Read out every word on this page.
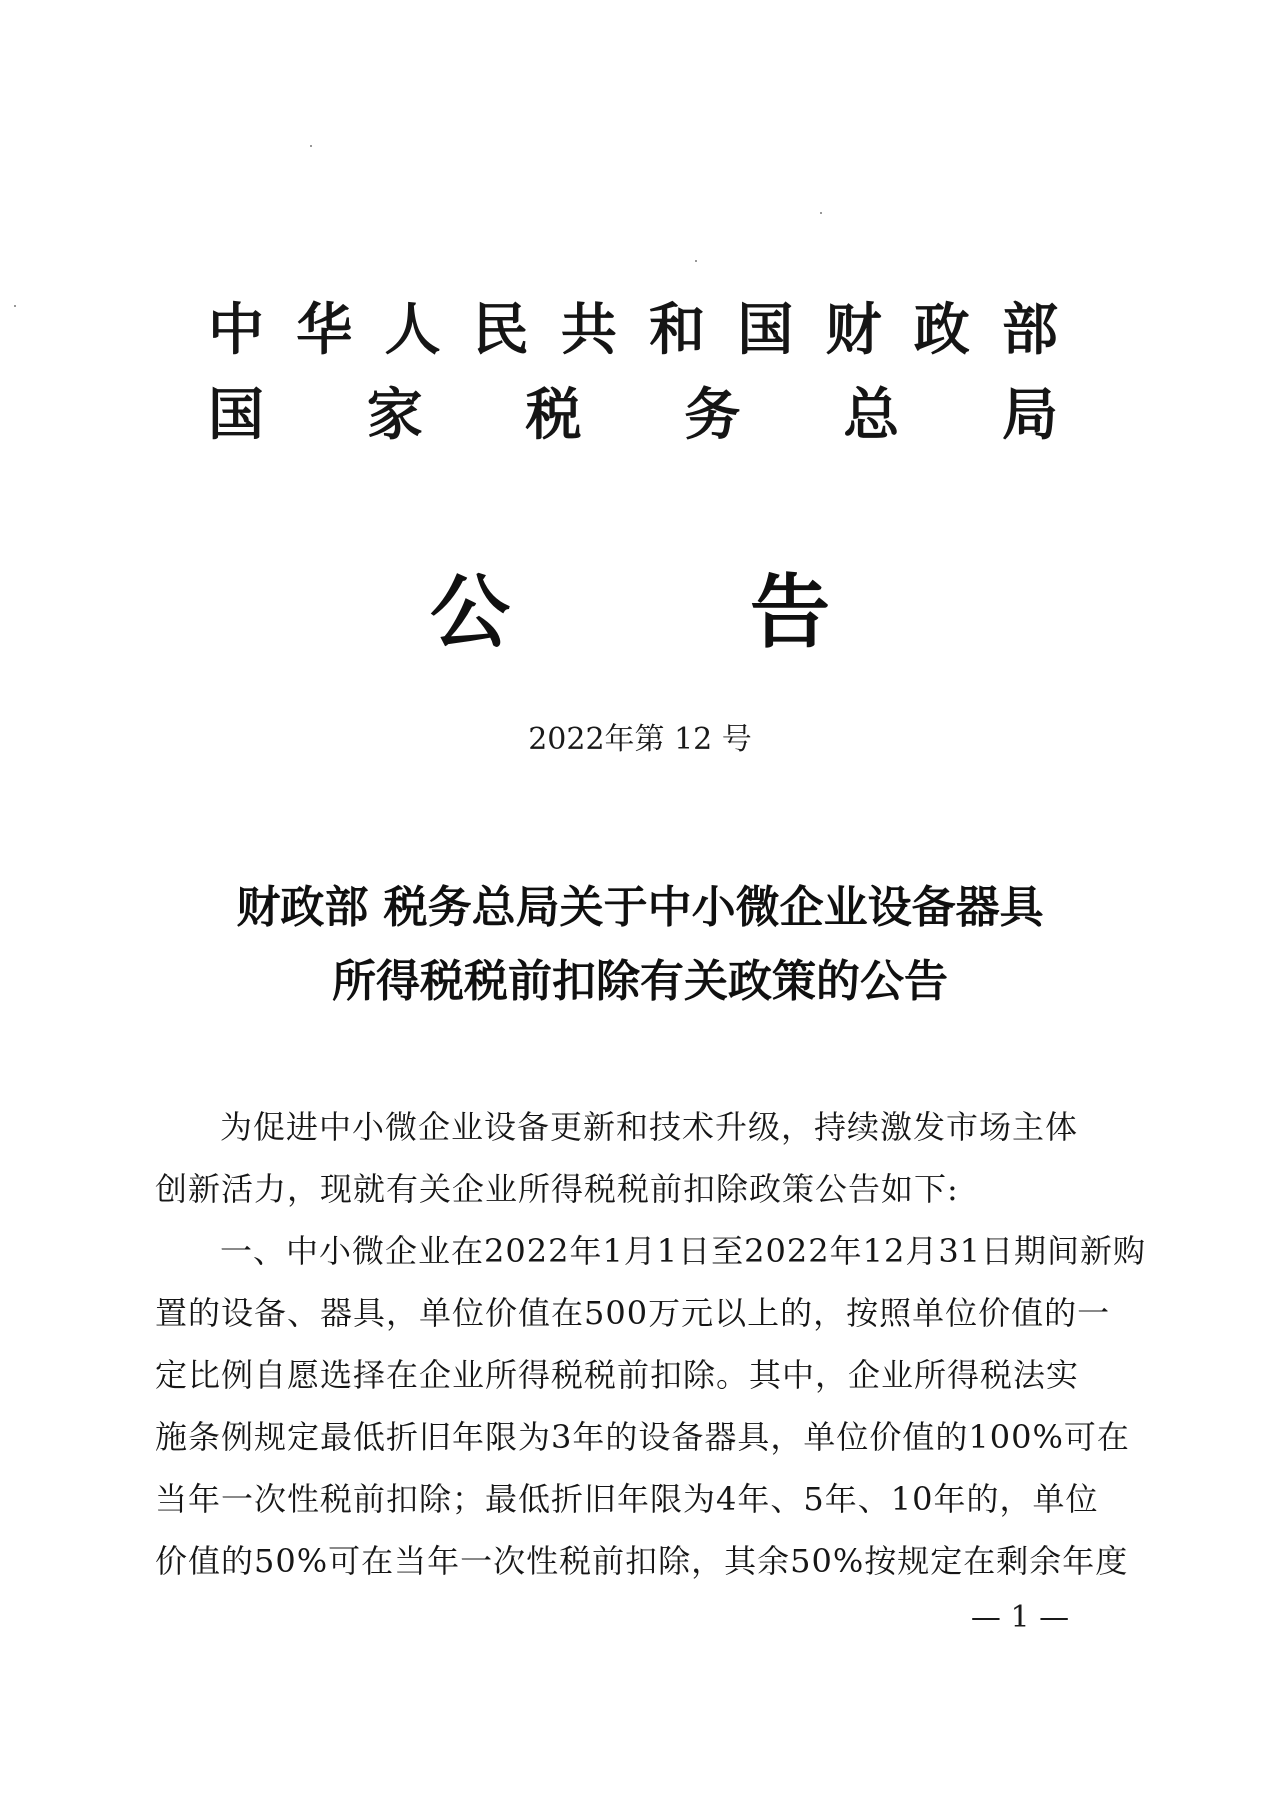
中 华 人 民 共 和 国 财 政 部
国 家 税 务 总 局
公	告
2022年第 12 号
财政部 税务总局关于中小微企业设备器具
所得税税前扣除有关政策的公告
为促进中小微企业设备更新和技术升级，持续激发市场主体
创新活力，现就有关企业所得税税前扣除政策公告如下:
一、中小微企业在2022年1月1日至2022年12月31日期间新购
置的设备、器具，单位价值在500万元以上的，按照单位价值的一
定比例自愿选择在企业所得税税前扣除。其中，企业所得税法实
施条例规定最低折旧年限为3年的设备器具，单位价值的100%可在
当年一次性税前扣除；最低折旧年限为4年、5年、10年的，单位
价值的50%可在当年一次性税前扣除，其余50%按规定在剩余年度
— 1 —
